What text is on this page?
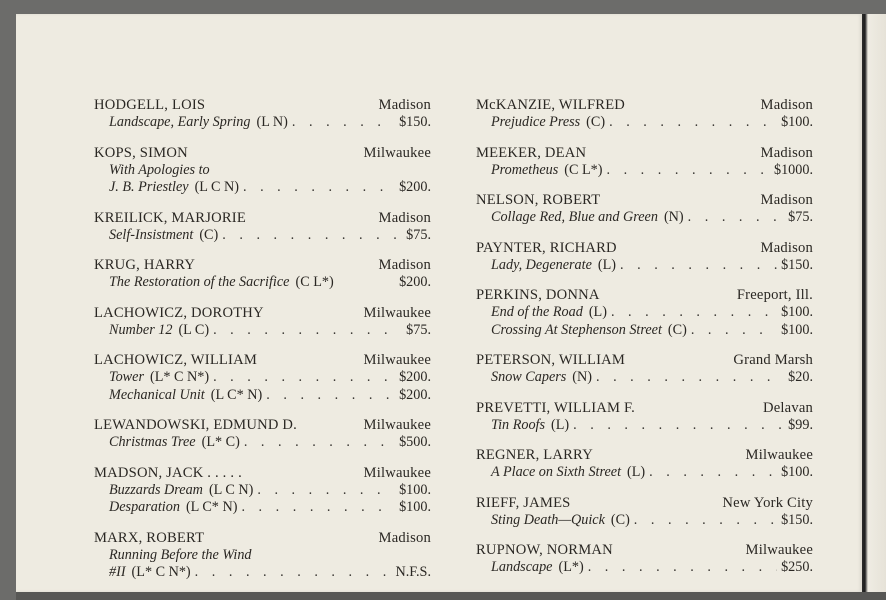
HODGELL, LOIS	Madison
Landscape, Early Spring (L N) . . .	$150.
KOPS, SIMON	Milwaukee
With Apologies to
J. B. Priestley (L C N) . . .	$200.
KREILICK, MARJORIE	Madison
Self-Insistment (C) . . .	$75.
KRUG, HARRY	Madison
The Restoration of the Sacrifice (C L*)	$200.
LACHOWICZ, DOROTHY	Milwaukee
Number 12 (L C) . . .	$75.
LACHOWICZ, WILLIAM	Milwaukee
Tower (L* C N*) . . .	$200.
Mechanical Unit (L C* N) . . .	$200.
LEWANDOWSKI, EDMUND D.	Milwaukee
Christmas Tree (L* C) . . .	$500.
MADSON, JACK . . . . .	Milwaukee
Buzzards Dream (L C N) . . .	$100.
Desparation (L C* N) . . .	$100.
MARX, ROBERT	Madison
Running Before the Wind
#II (L* C N*) . . .	N.F.S.
McKANZIE, WILFRED	Madison
Prejudice Press (C) . . .	$100.
MEEKER, DEAN	Madison
Prometheus (C L*) . . .	$1000.
NELSON, ROBERT	Madison
Collage Red, Blue and Green (N) . . .	$75.
PAYNTER, RICHARD	Madison
Lady, Degenerate (L) . . .	$150.
PERKINS, DONNA	Freeport, Ill.
End of the Road (L) . . .	$100.
Crossing At Stephenson Street (C) . . .	$100.
PETERSON, WILLIAM	Grand Marsh
Snow Capers (N) . . .	$20.
PREVETTI, WILLIAM F.	Delavan
Tin Roofs (L) . . .	$99.
REGNER, LARRY	Milwaukee
A Place on Sixth Street (L) . . .	$100.
RIEFF, JAMES	New York City
Sting Death—Quick (C) . . .	$150.
RUPNOW, NORMAN	Milwaukee
Landscape (L*) . . .	$250.
